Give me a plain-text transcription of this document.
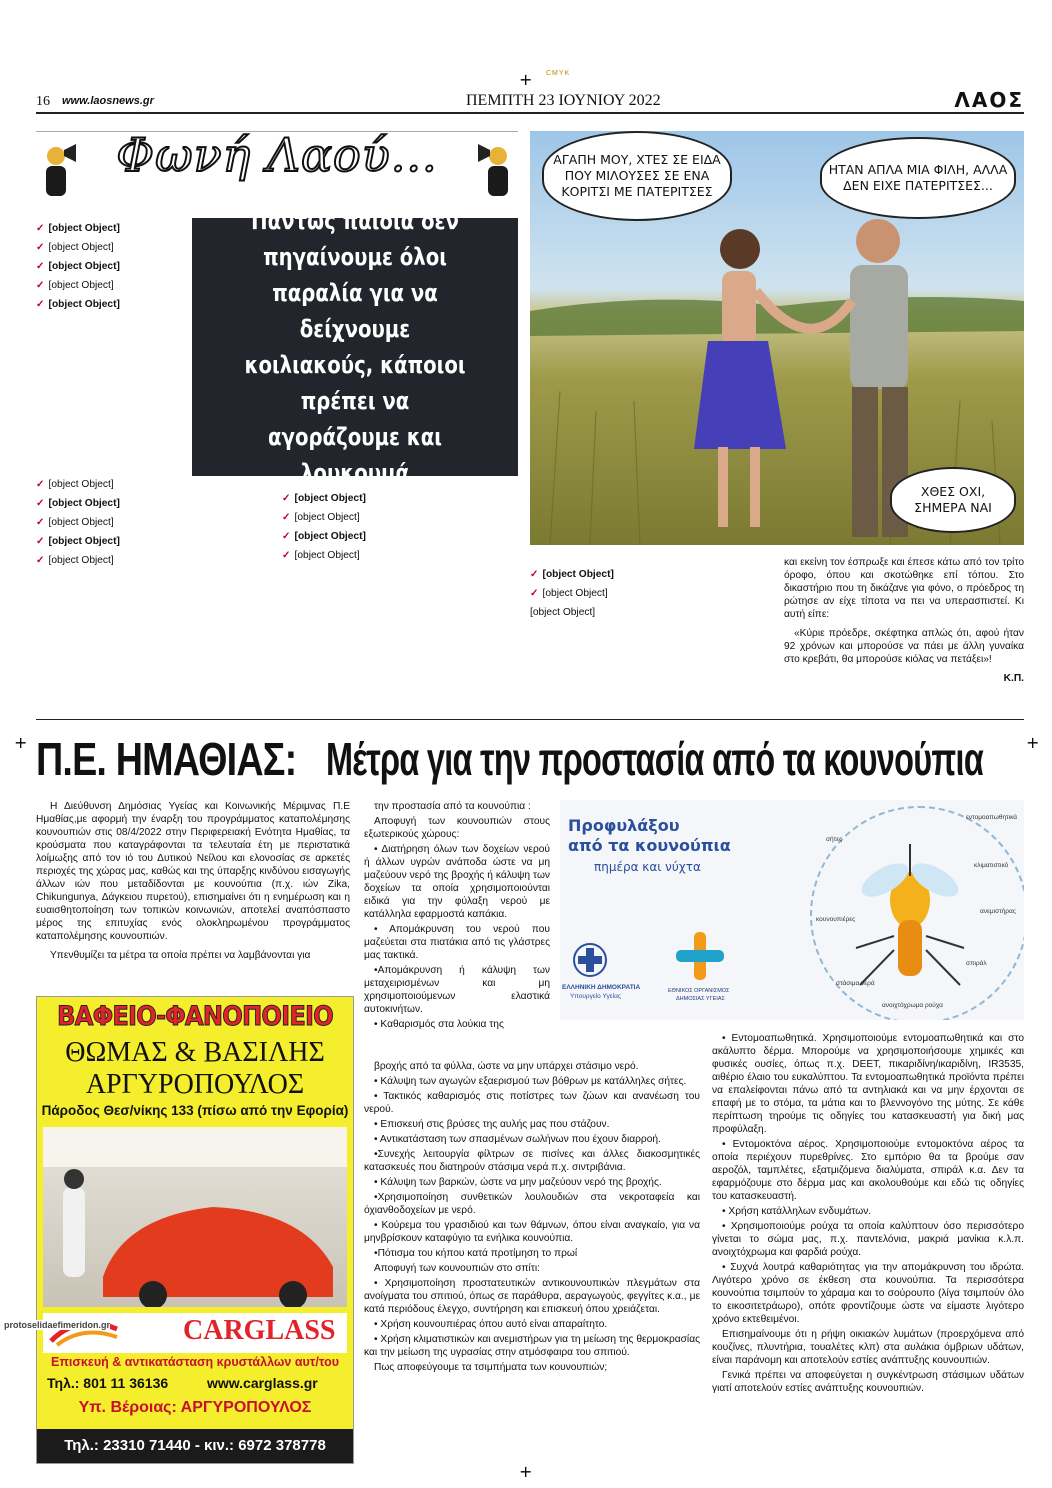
+ CMYK
+	+
+
16 www.laosnews.gr	ΠΕΜΠΤΗ 23 ΙΟΥΝΙΟΥ 2022	ΛΑΟΣ
Φωνή Λαού...

✓ [object Object]

✓ [object Object]

✓ [object Object]

✓ [object Object]

✓ [object Object]

Πάντως παιδιά δεν πηγαίνουμε όλοι παραλία για να δείχνουμε κοιλιακούς, κάποιοι πρέπει να αγοράζουμε και λουκουμά

✓ [object Object]

✓ [object Object]

✓ [object Object]

✓ [object Object]

✓ [object Object]

✓ [object Object]

✓ [object Object]

✓ [object Object]

✓ [object Object]

ΑΓΑΠΗ ΜΟΥ, ΧΤΕΣ ΣΕ ΕΙΔΑ ΠΟΥ ΜΙΛΟΥΣΕΣ ΣΕ ΕΝΑ ΚΟΡΙΤΣΙ ΜΕ ΠΑΤΕΡΙΤΣΕΣ
ΗΤΑΝ ΑΠΛΑ ΜΙΑ ΦΙΛΗ, ΑΛΛΑ ΔΕΝ ΕΙΧΕ ΠΑΤΕΡΙΤΣΕΣ...
ΧΘΕΣ ΟΧΙ, ΣΗΜΕΡΑ ΝΑΙ

✓ [object Object]

✓ [object Object]

[object Object]

και εκείνη τον έσπρωξε και έπεσε κάτω από τον τρίτο όροφο, όπου και σκοτώθηκε επί τόπου. Στο δικαστήριο που τη δικάζανε για φόνο, ο πρόεδρος τη ρώτησε αν είχε τίποτα να πει να υπερασπιστεί. Κι αυτή είπε:

«Κύριε πρόεδρε, σκέφτηκα απλώς ότι, αφού ήταν 92 χρόνων και μπορούσε να πάει με άλλη γυναίκα στο κρεβάτι, θα μπορούσε κιόλας να πετάξει»!

Κ.Π.

Π.Ε. ΗΜΑΘΙΑΣ: Μέτρα για την προστασία από τα κουνούπια

Η Διεύθυνση Δημόσιας Υγείας και Κοινωνικής Μέριμνας Π.Ε Ημαθίας,με αφορμή την έναρξη του προγράμματος καταπολέμησης κουνουπιών στις 08/4/2022 στην Περιφερειακή Ενότητα Ημαθίας, τα κρούσματα που καταγράφονται τα τελευταία έτη με περιστατικά λοίμωξης από τον ιό του Δυτικού Νείλου και ελονοσίας σε αρκετές περιοχές της χώρας μας, καθώς και της ύπαρξης κινδύνου εισαγωγής άλλων ιών που μεταδίδονται με κουνούπια (π.χ. ιών Zika, Chikungunya, Δάγκειου πυρετού), επισημαίνει ότι η ενημέρωση και η ευαισθητοποίηση των τοπικών κοινωνιών, αποτελεί αναπόσπαστο μέρος της επιτυχίας ενός ολοκληρωμένου προγράμματος καταπολέμησης κουνουπιών.

Υπενθυμίζει τα μέτρα τα οποία πρέπει να λαμβάνονται για

την προστασία από τα κουνούπια :

Αποφυγή των κουνουπιών στους εξωτερικούς χώρους:

• Διατήρηση όλων των δοχείων νερού ή άλλων υγρών ανάποδα ώστε να μη μαζεύουν νερό της βροχής ή κάλυψη των δοχείων τα οποία χρησιμοποιούνται ειδικά για την φύλαξη νερού με κατάλληλα εφαρμοστά καπάκια.

• Απομάκρυνση του νερού που μαζεύεται στα πιατάκια από τις γλάστρες μας τακτικά.

•Απομάκρυνση ή κάλυψη των μεταχειρισμένων και μη χρησιμοποιούμενων ελαστικά αυτοκινήτων.

• Καθαρισμός στα λούκια της

Προφυλάξου
από τα κουνούπια
πημέρα και νύχτα
ΕΛΛΗΝΙΚΗ ΔΗΜΟΚΡΑΤΙΑ
Υπουργείο Υγείας
ΕΘΝΙΚΟΣ ΟΡΓΑΝΙΣΜΟΣ
ΔΗΜΟΣΙΑΣ ΥΓΕΙΑΣ
εντομοαπωθητικά
κλιματιστικό
ανεμιστήρας
σπιράλ
κουνουπιέρες
σήτες
ανοιχτόχρωμα ρούχα
στάσιμα νερά

βροχής από τα φύλλα, ώστε να μην υπάρχει στάσιμο νερό.

• Κάλυψη των αγωγών εξαερισμού των βόθρων με κατάλληλες σήτες.

• Τακτικός καθαρισμός στις ποτίστρες των ζώων και ανανέωση του νερού.

• Επισκευή στις βρύσες της αυλής μας που στάζουν.

• Αντικατάσταση των σπασμένων σωλήνων που έχουν διαρροή.

•Συνεχής λειτουργία φίλτρων σε πισίνες και άλλες διακοσμητικές κατασκευές που διατηρούν στάσιμα νερά π.χ. σιντριβάνια.

• Κάλυψη των βαρκών, ώστε να μην μαζεύουν νερό της βροχής.

•Χρησιμοποίηση συνθετικών λουλουδιών στα νεκροταφεία και όχιανθοδοχείων με νερό.

• Κούρεμα του γρασιδιού και των θάμνων, όπου είναι αναγκαίο, για να μηνβρίσκουν καταφύγιο τα ενήλικα κουνούπια.

•Πότισμα του κήπου κατά προτίμηση το πρωί

Αποφυγή των κουνουπιών στο σπίτι:

• Χρησιμοποίηση προστατευτικών αντικουνουπικών πλεγμάτων στα ανοίγματα του σπιτιού, όπως σε παράθυρα, αεραγωγούς, φεγγίτες κ.α., με κατά περιόδους έλεγχο, συντήρηση και επισκευή όπου χρειάζεται.

• Χρήση κουνουπιέρας όπου αυτό είναι απαραίτητο.

• Χρήση κλιματιστικών και ανεμιστήρων για τη μείωση της θερμοκρασίας και την μείωση της υγρασίας στην ατμόσφαιρα του σπιτιού.

Πως αποφεύγουμε τα τσιμπήματα των κουνουπιών;

• Εντομοαπωθητικά. Χρησιμοποιούμε εντομοαπωθητικά και στο ακάλυπτο δέρμα. Μπορούμε να χρησιμοποιήσουμε χημικές και φυσικές ουσίες, όπως π.χ. DEET, πικαριδίνη/ικαριδίνη, IR3535, αιθέριο έλαιο του ευκαλύπτου. Τα εντομοαπωθητικά προϊόντα πρέπει να επαλείφονται πάνω από τα αντηλιακά και να μην έρχονται σε επαφή με το στόμα, τα μάτια και το βλεννογόνο της μύτης. Σε κάθε περίπτωση τηρούμε τις οδηγίες του κατασκευαστή για δική μας προφύλαξη.

• Εντομοκτόνα αέρος. Χρησιμοποιούμε εντομοκτόνα αέρος τα οποία περιέχουν πυρεθρίνες. Στο εμπόριο θα τα βρούμε σαν αεροζόλ, ταμπλέτες, εξατμιζόμενα διαλύματα, σπιράλ κ.α. Δεν τα εφαρμόζουμε στο δέρμα μας και ακολουθούμε και εδώ τις οδηγίες του κατασκευαστή.

• Χρήση κατάλληλων ενδυμάτων.

• Χρησιμοποιούμε ρούχα τα οποία καλύπτουν όσο περισσότερο γίνεται το σώμα μας, π.χ. παντελόνια, μακριά μανίκια κ.λ.π. ανοιχτόχρωμα και φαρδιά ρούχα.

• Συχνά λουτρά καθαριότητας για την απομάκρυνση του ιδρώτα. Λιγότερο χρόνο σε έκθεση στα κουνούπια. Τα περισσότερα κουνούπια τσιμπούν το χάραμα και το σούρουπο (λίγα τσιμπούν όλο το εικοσιτετράωρο), οπότε φροντίζουμε ώστε να είμαστε λιγότερο χρόνο εκτεθειμένοι.

Επισημαίνουμε ότι η ρήψη οικιακών λυμάτων (προερχόμενα από κουζίνες, πλυντήρια, τουαλέτες κλπ) στα αυλάκια όμβριων υδάτων, είναι παράνομη και αποτελούν εστίες ανάπτυξης κουνουπιών.

Γενικά πρέπει να αποφεύγεται η συγκέντρωση στάσιμων υδάτων γιατί αποτελούν εστίες ανάπτυξης κουνουπιών.

ΒΑΦΕΙΟ-ΦΑΝΟΠΟΙΕΙΟ
ΘΩΜΑΣ & ΒΑΣΙΛΗΣ
ΑΡΓΥΡΟΠΟΥΛΟΣ
Πάροδος Θεσ/νίκης 133 (πίσω από την Εφορία)
CARGLASS
Επισκευή & αντικατάσταση κρυστάλλων αυτ/του
Τηλ.: 801 11 36136	www.carglass.gr
Υπ. Βέροιας: ΑΡΓΥΡΟΠΟΥΛΟΣ
Τηλ.: 23310 71440 - κιν.: 6972 378778
protoselidaefimeridon.gr
